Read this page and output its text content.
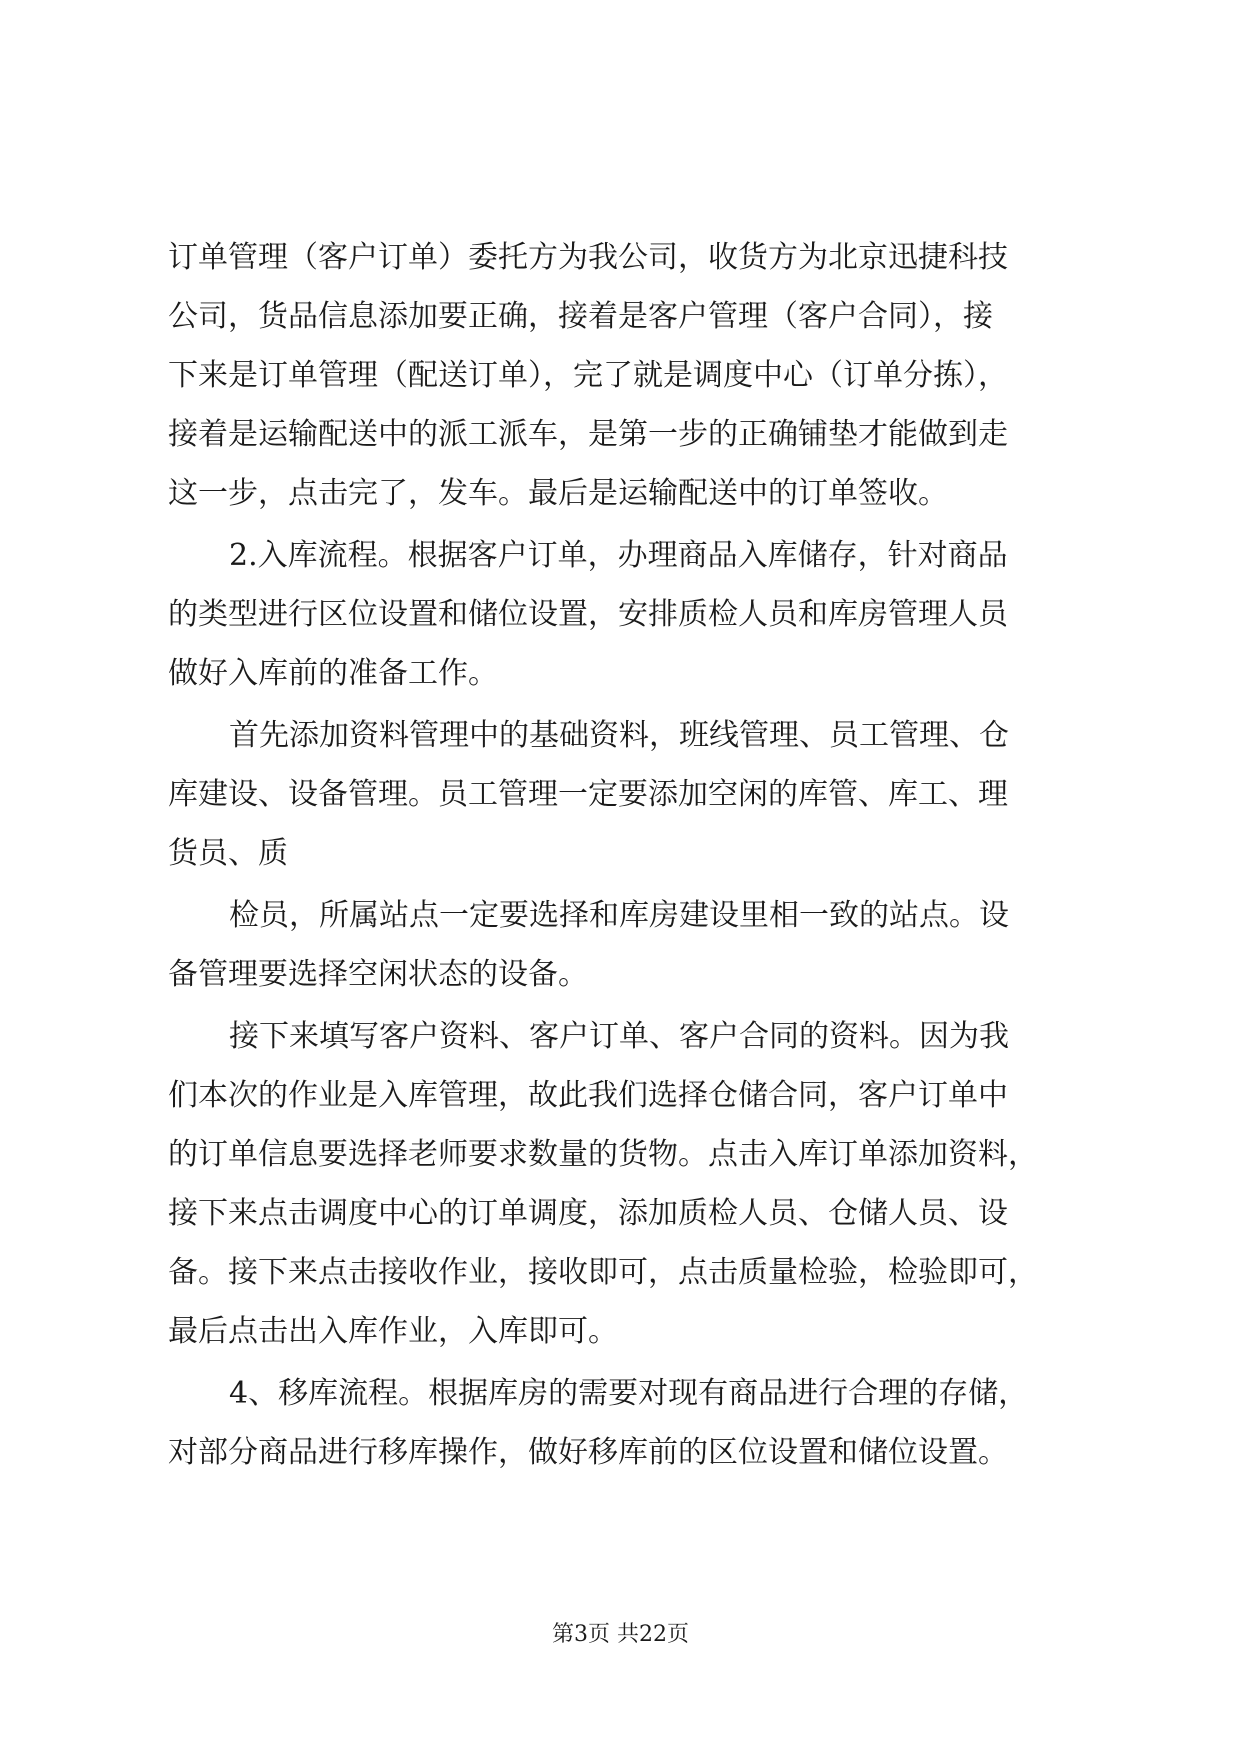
订单管理（客户订单）委托方为我公司，收货方为北京迅捷科技

公司，货品信息添加要正确，接着是客户管理（客户合同），接

下来是订单管理（配送订单），完了就是调度中心（订单分拣），

接着是运输配送中的派工派车，是第一步的正确铺垫才能做到走

这一步，点击完了，发车。最后是运输配送中的订单签收。

2.入库流程。根据客户订单，办理商品入库储存，针对商品

的类型进行区位设置和储位设置，安排质检人员和库房管理人员

做好入库前的准备工作。

首先添加资料管理中的基础资料，班线管理、员工管理、仓

库建设、设备管理。员工管理一定要添加空闲的库管、库工、理

货员、质

检员，所属站点一定要选择和库房建设里相一致的站点。设

备管理要选择空闲状态的设备。

接下来填写客户资料、客户订单、客户合同的资料。因为我

们本次的作业是入库管理，故此我们选择仓储合同，客户订单中

的订单信息要选择老师要求数量的货物。点击入库订单添加资料，

接下来点击调度中心的订单调度，添加质检人员、仓储人员、设

备。接下来点击接收作业，接收即可，点击质量检验，检验即可，

最后点击出入库作业，入库即可。

4、移库流程。根据库房的需要对现有商品进行合理的存储，

对部分商品进行移库操作，做好移库前的区位设置和储位设置。

第3页 共22页
